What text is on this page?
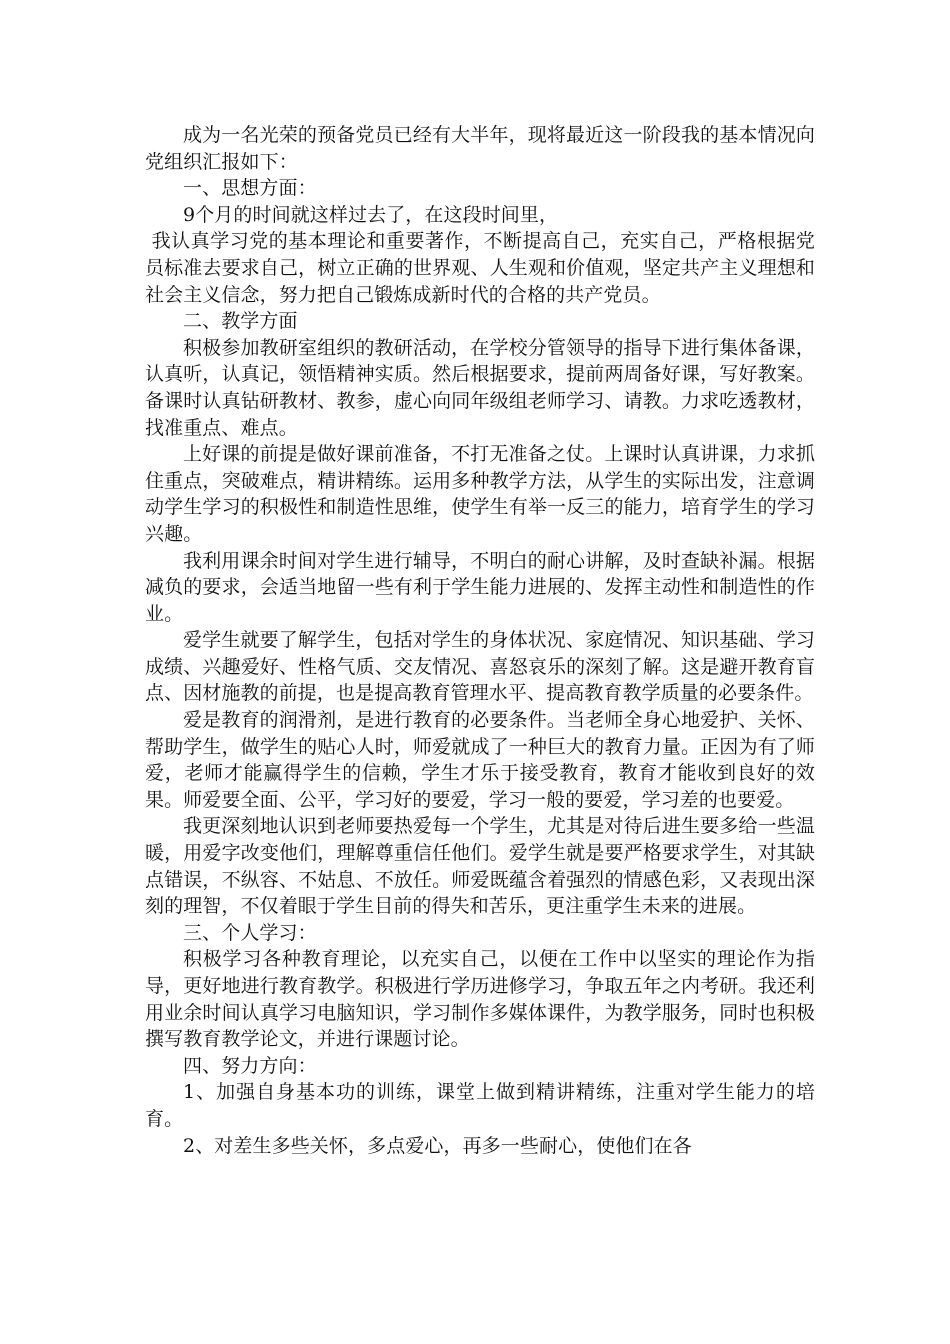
成为一名光荣的预备党员已经有大半年，现将最近这一阶段我的基本情况向党组织汇报如下：

一、思想方面：

9个月的时间就这样过去了，在这段时间里，

我认真学习党的基本理论和重要著作，不断提高自己，充实自己，严格根据党员标准去要求自己，树立正确的世界观、人生观和价值观，坚定共产主义理想和社会主义信念，努力把自己锻炼成新时代的合格的共产党员。

二、教学方面

积极参加教研室组织的教研活动，在学校分管领导的指导下进行集体备课，认真听，认真记，领悟精神实质。然后根据要求，提前两周备好课，写好教案。备课时认真钻研教材、教参，虚心向同年级组老师学习、请教。力求吃透教材，找准重点、难点。

上好课的前提是做好课前准备，不打无准备之仗。上课时认真讲课，力求抓住重点，突破难点，精讲精练。运用多种教学方法，从学生的实际出发，注意调动学生学习的积极性和制造性思维，使学生有举一反三的能力，培育学生的学习兴趣。

我利用课余时间对学生进行辅导，不明白的耐心讲解，及时查缺补漏。根据减负的要求，会适当地留一些有利于学生能力进展的、发挥主动性和制造性的作业。

爱学生就要了解学生，包括对学生的身体状况、家庭情况、知识基础、学习成绩、兴趣爱好、性格气质、交友情况、喜怒哀乐的深刻了解。这是避开教育盲点、因材施教的前提，也是提高教育管理水平、提高教育教学质量的必要条件。

爱是教育的润滑剂，是进行教育的必要条件。当老师全身心地爱护、关怀、帮助学生，做学生的贴心人时，师爱就成了一种巨大的教育力量。正因为有了师爱，老师才能赢得学生的信赖，学生才乐于接受教育，教育才能收到良好的效果。师爱要全面、公平，学习好的要爱，学习一般的要爱，学习差的也要爱。

我更深刻地认识到老师要热爱每一个学生，尤其是对待后进生要多给一些温暖，用爱字改变他们，理解尊重信任他们。爱学生就是要严格要求学生，对其缺点错误，不纵容、不姑息、不放任。师爱既蕴含着强烈的情感色彩，又表现出深刻的理智，不仅着眼于学生目前的得失和苦乐，更注重学生未来的进展。

三、个人学习：

积极学习各种教育理论，以充实自己，以便在工作中以坚实的理论作为指导，更好地进行教育教学。积极进行学历进修学习，争取五年之内考研。我还利用业余时间认真学习电脑知识，学习制作多媒体课件，为教学服务，同时也积极撰写教育教学论文，并进行课题讨论。

四、努力方向：

1、加强自身基本功的训练，课堂上做到精讲精练，注重对学生能力的培育。

2、对差生多些关怀，多点爱心，再多一些耐心，使他们在各
